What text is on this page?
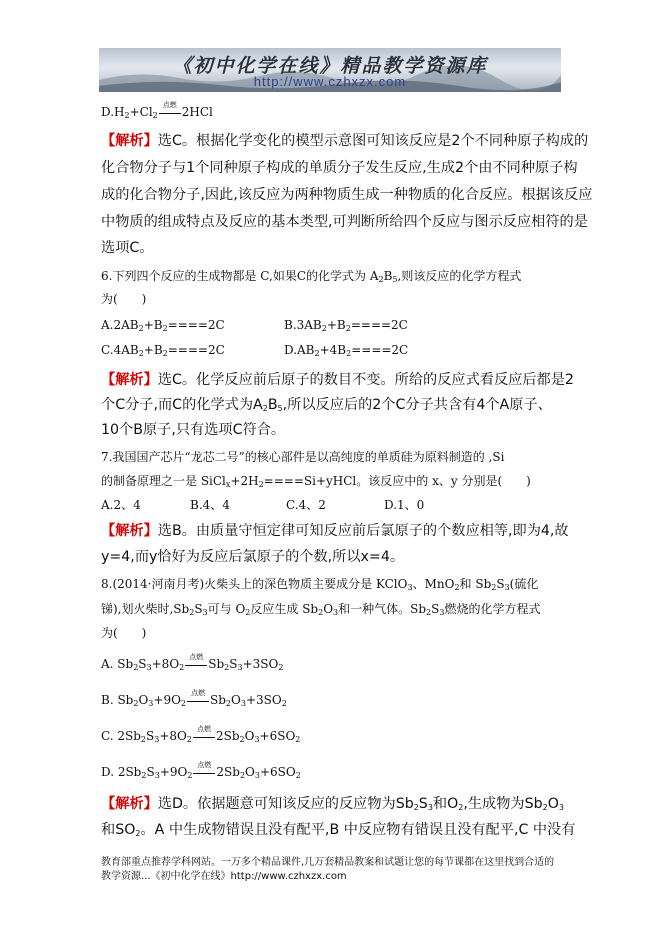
《初中化学在线》精品教学资源库
http://www.czhxzx.com
$D.H_2+Cl_2$
点燃 2HCl
【解析】选C。根据化学变化的模型示意图可知该反应是2个不同种原子构成的
化合物分子与1个同种原子构成的单质分子发生反应,生成2个由不同种原子构
成的化合物分子,因此,该反应为两种物质生成一种物质的化合反应。根据该反应
中物质的组成特点及反应的基本类型,可判断所给四个反应与图示反应相符的是
选项C。
6.下列四个反应的生成物都是 C,如果C的化学式为 $A_2B_5$,则该反应的化学方程式
为(　　)
$A.2AB_2+B_2====2C$	$B.3AB_2+B_2====2C$
$C.4AB_2+B_2====2C$	$D.AB_2+4B_2====2C$
【解析】选C。化学反应前后原子的数目不变。所给的反应式看反应后都是2
个C分子,而C的化学式为$A_2B_5$,所以反应后的2个C分子共含有4个A原子、
10个B原子,只有选项C符合。
7.我国国产芯片“龙芯二号”的核心部件是以高纯度的单质硅为原料制造的 ,Si
的制备原理之一是 $SiCl_x+2H_2====Si+yHCl$。该反应中的 x、y 分别是(　　)
A.2、4	B.4、4	C.4、2	D.1、0
【解析】选B。由质量守恒定律可知反应前后氯原子的个数应相等,即为4,故
y=4,而y恰好为反应后氯原子的个数,所以x=4。
8.(2014·河南月考)火柴头上的深色物质主要成分是 KClO$_3$、MnO$_2$和 $Sb_2S_3$(硫化
锑),划火柴时$,Sb_2S_3$可与 $O_2$反应生成 $Sb_2O_3$和一种气体。$Sb_2S_3$燃烧的化学方程式
为(　　)
A. $Sb_2S_3+8O_2$
点燃 $Sb_2S_3+3SO_2$
B. $Sb_2O_3+9O_2$
点燃 $Sb_2O_3+3SO_2$
C. $2Sb_2S_3+8O_2$
点燃 $2Sb_2O_3+6SO_2$
D. $2Sb_2S_3+9O_2$
点燃 $2Sb_2O_3+6SO_2$
【解析】选D。依据题意可知该反应的反应物为$Sb_2S_3$和$O_2$,生成物为$Sb_2O_3$
和$SO_2$。A 中生成物错误且没有配平,B 中反应物有错误且没有配平,C 中没有
教育部重点推荐学科网站。一万多个精品课件,几万套精品教案和试题让您的每节课都在这里找到合适的
教学资源...《初中化学在线》http://www.czhxzx.com
